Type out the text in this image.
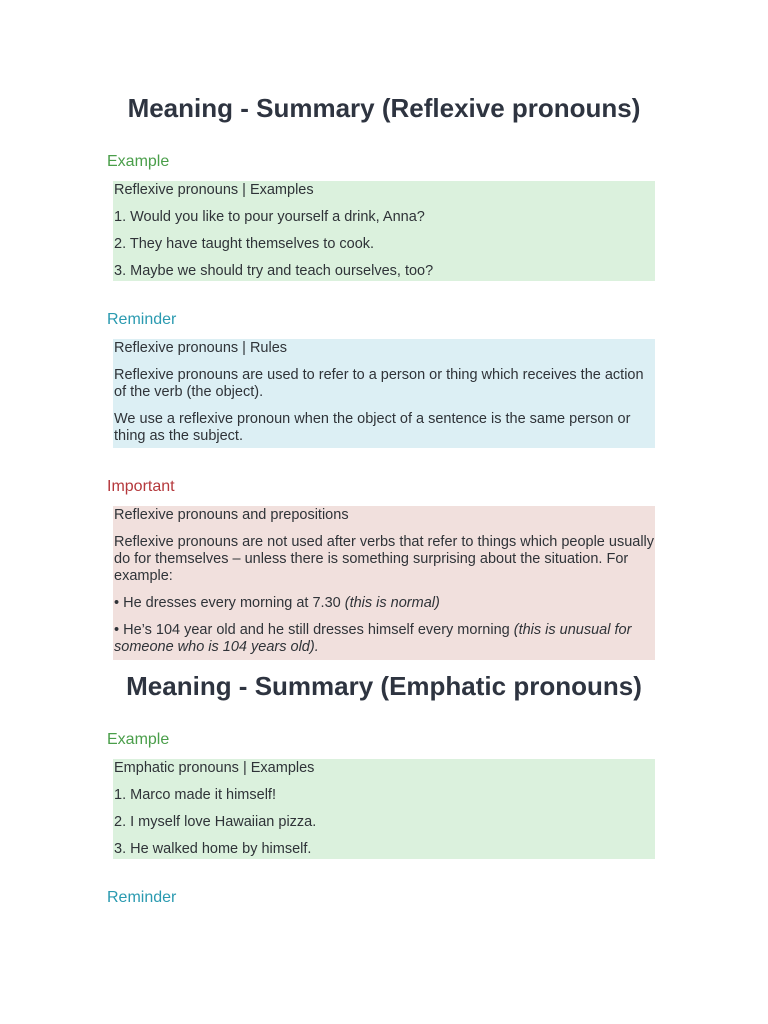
Meaning - Summary (Reflexive pronouns)
Example

Reflexive pronouns | Examples

1. Would you like to pour yourself a drink, Anna?

2. They have taught themselves to cook.

3. Maybe we should try and teach ourselves, too?

Reminder

Reflexive pronouns | Rules

Reflexive pronouns are used to refer to a person or thing which receives the action of the verb (the object).

We use a reflexive pronoun when the object of a sentence is the same person or thing as the subject.

Important

Reflexive pronouns and prepositions

Reflexive pronouns are not used after verbs that refer to things which people usually do for themselves – unless there is something surprising about the situation. For example:

• He dresses every morning at 7.30 (this is normal)

• He’s 104 year old and he still dresses himself every morning (this is unusual for someone who is 104 years old).

Meaning - Summary (Emphatic pronouns)
Example

Emphatic pronouns | Examples

1. Marco made it himself!

2. I myself love Hawaiian pizza.

3. He walked home by himself.

Reminder
